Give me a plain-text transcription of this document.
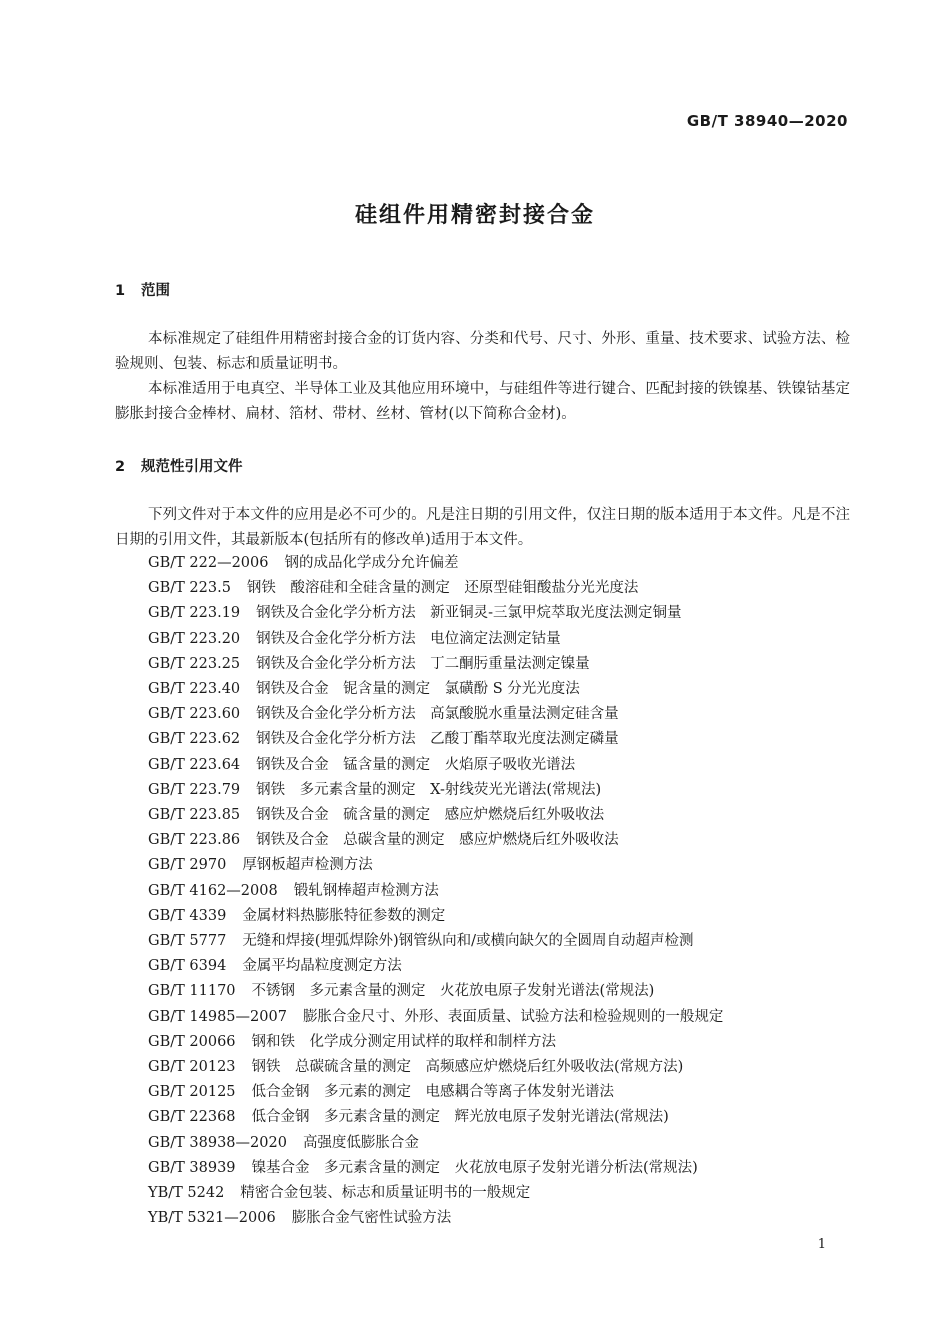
GB/T 38940—2020
硅组件用精密封接合金
1 范围
本标准规定了硅组件用精密封接合金的订货内容、分类和代号、尺寸、外形、重量、技术要求、试验方法、检验规则、包装、标志和质量证明书。
本标准适用于电真空、半导体工业及其他应用环境中，与硅组件等进行键合、匹配封接的铁镍基、铁镍钴基定膨胀封接合金棒材、扁材、箔材、带材、丝材、管材(以下简称合金材)。
2 规范性引用文件
下列文件对于本文件的应用是必不可少的。凡是注日期的引用文件，仅注日期的版本适用于本文件。凡是不注日期的引用文件，其最新版本(包括所有的修改单)适用于本文件。
GB/T 222—2006 钢的成品化学成分允许偏差
GB/T 223.5 钢铁　酸溶硅和全硅含量的测定　还原型硅钼酸盐分光光度法
GB/T 223.19 钢铁及合金化学分析方法　新亚铜灵-三氯甲烷萃取光度法测定铜量
GB/T 223.20 钢铁及合金化学分析方法　电位滴定法测定钴量
GB/T 223.25 钢铁及合金化学分析方法　丁二酮肟重量法测定镍量
GB/T 223.40 钢铁及合金　铌含量的测定　氯磺酚 S 分光光度法
GB/T 223.60 钢铁及合金化学分析方法　高氯酸脱水重量法测定硅含量
GB/T 223.62 钢铁及合金化学分析方法　乙酸丁酯萃取光度法测定磷量
GB/T 223.64 钢铁及合金　锰含量的测定　火焰原子吸收光谱法
GB/T 223.79 钢铁　多元素含量的测定　X-射线荧光光谱法(常规法)
GB/T 223.85 钢铁及合金　硫含量的测定　感应炉燃烧后红外吸收法
GB/T 223.86 钢铁及合金　总碳含量的测定　感应炉燃烧后红外吸收法
GB/T 2970 厚钢板超声检测方法
GB/T 4162—2008 锻轧钢棒超声检测方法
GB/T 4339 金属材料热膨胀特征参数的测定
GB/T 5777 无缝和焊接(埋弧焊除外)钢管纵向和/或横向缺欠的全圆周自动超声检测
GB/T 6394 金属平均晶粒度测定方法
GB/T 11170 不锈钢　多元素含量的测定　火花放电原子发射光谱法(常规法)
GB/T 14985—2007 膨胀合金尺寸、外形、表面质量、试验方法和检验规则的一般规定
GB/T 20066 钢和铁　化学成分测定用试样的取样和制样方法
GB/T 20123 钢铁　总碳硫含量的测定　高频感应炉燃烧后红外吸收法(常规方法)
GB/T 20125 低合金钢　多元素的测定　电感耦合等离子体发射光谱法
GB/T 22368 低合金钢　多元素含量的测定　辉光放电原子发射光谱法(常规法)
GB/T 38938—2020 高强度低膨胀合金
GB/T 38939 镍基合金　多元素含量的测定　火花放电原子发射光谱分析法(常规法)
YB/T 5242 精密合金包装、标志和质量证明书的一般规定
YB/T 5321—2006 膨胀合金气密性试验方法
1
